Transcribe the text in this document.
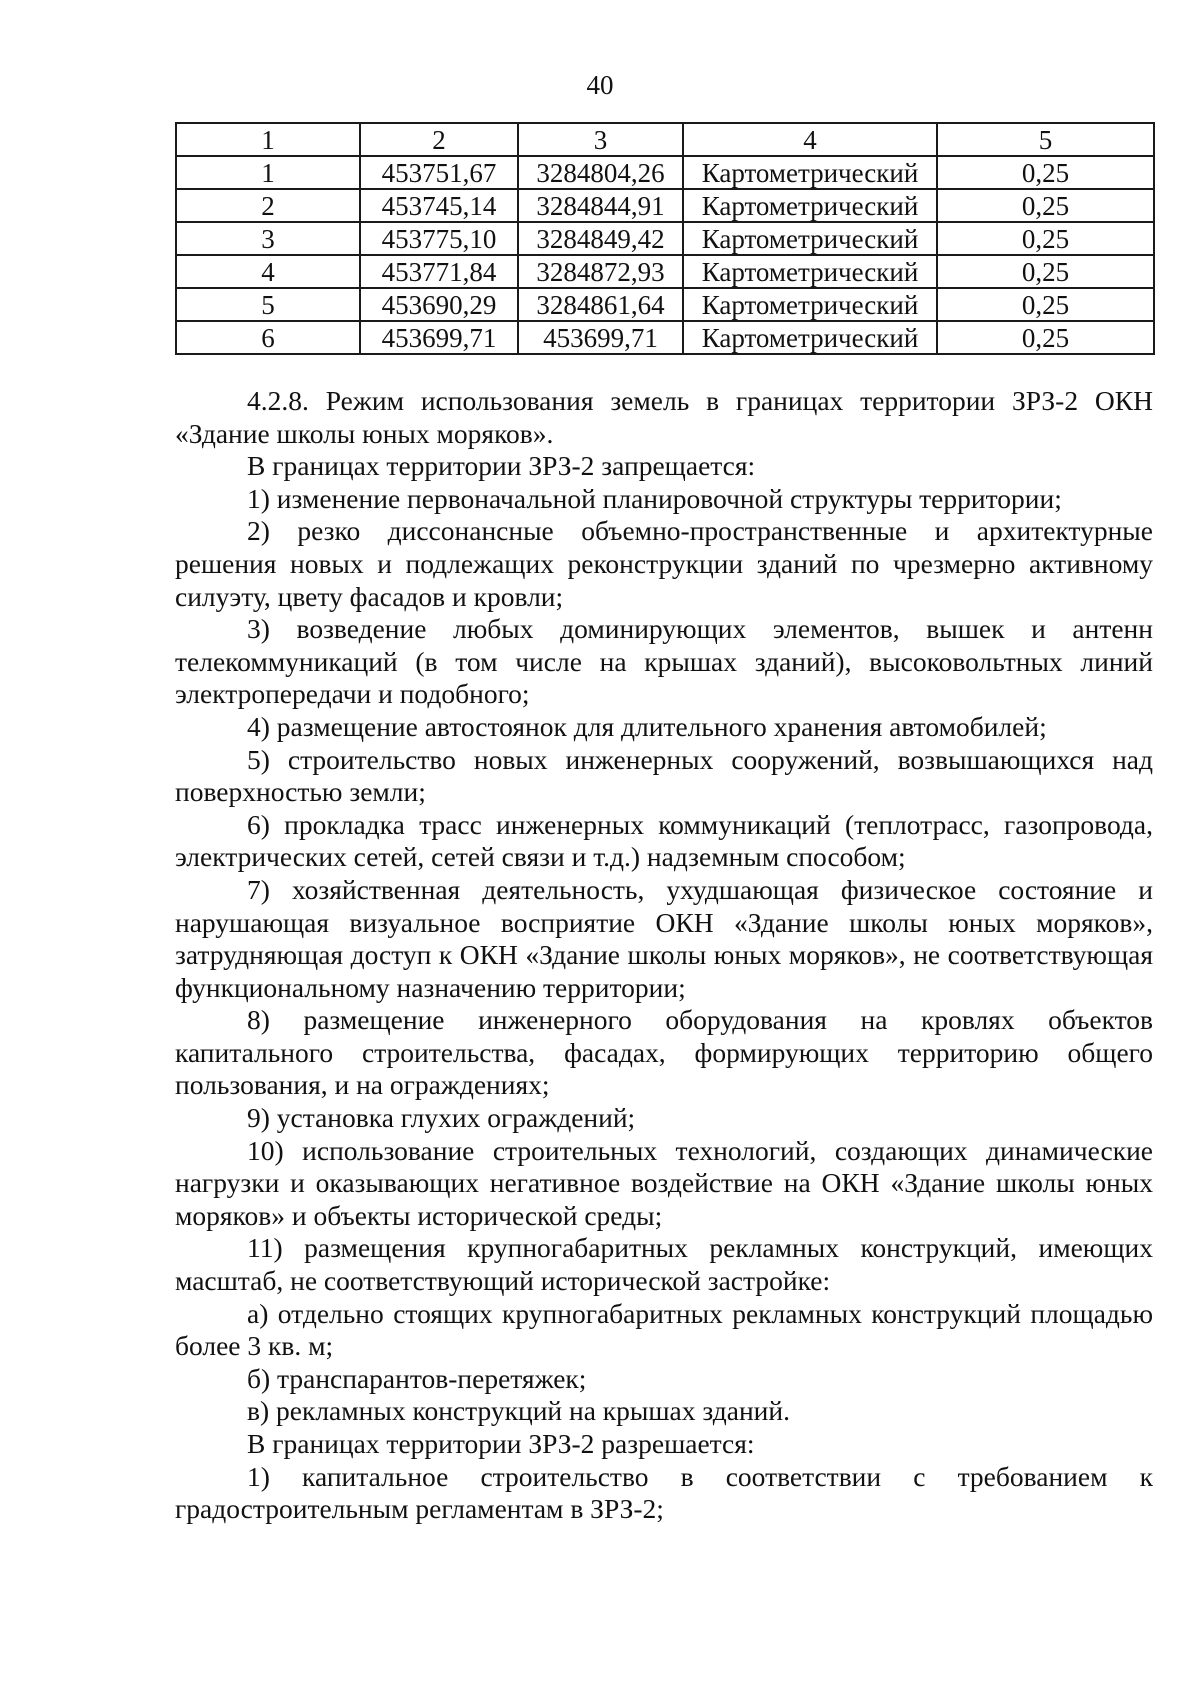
40
1	2	3	4	5
1	453751,67	3284804,26	Картометрический	0,25
2	453745,14	3284844,91	Картометрический	0,25
3	453775,10	3284849,42	Картометрический	0,25
4	453771,84	3284872,93	Картометрический	0,25
5	453690,29	3284861,64	Картометрический	0,25
6	453699,71	453699,71	Картометрический	0,25

4.2.8. Режим использования земель в границах территории ЗРЗ-2 ОКН «Здание школы юных моряков».

В границах территории ЗРЗ-2 запрещается:

1) изменение первоначальной планировочной структуры территории;

2) резко диссонансные объемно-пространственные и архитектурные решения новых и подлежащих реконструкции зданий по чрезмерно активному силуэту, цвету фасадов и кровли;

3) возведение любых доминирующих элементов, вышек и антенн телекоммуникаций (в том числе на крышах зданий), высоковольтных линий электропередачи и подобного;

4) размещение автостоянок для длительного хранения автомобилей;

5) строительство новых инженерных сооружений, возвышающихся над поверхностью земли;

6) прокладка трасс инженерных коммуникаций (теплотрасс, газопровода, электрических сетей, сетей связи и т.д.) надземным способом;

7) хозяйственная деятельность, ухудшающая физическое состояние и нарушающая визуальное восприятие ОКН «Здание школы юных моряков», затрудняющая доступ к ОКН «Здание школы юных моряков», не соответствующая функциональному назначению территории;

8) размещение инженерного оборудования на кровлях объектов капитального строительства, фасадах, формирующих территорию общего пользования, и на ограждениях;

9) установка глухих ограждений;

10) использование строительных технологий, создающих динамические нагрузки и оказывающих негативное воздействие на ОКН «Здание школы юных моряков» и объекты исторической среды;

11) размещения крупногабаритных рекламных конструкций, имеющих масштаб, не соответствующий исторической застройке:

а) отдельно стоящих крупногабаритных рекламных конструкций площадью более 3 кв. м;

б) транспарантов-перетяжек;

в) рекламных конструкций на крышах зданий.

В границах территории ЗРЗ-2 разрешается:

1) капитальное строительство в соответствии с требованием к градостроительным регламентам в ЗРЗ-2;
